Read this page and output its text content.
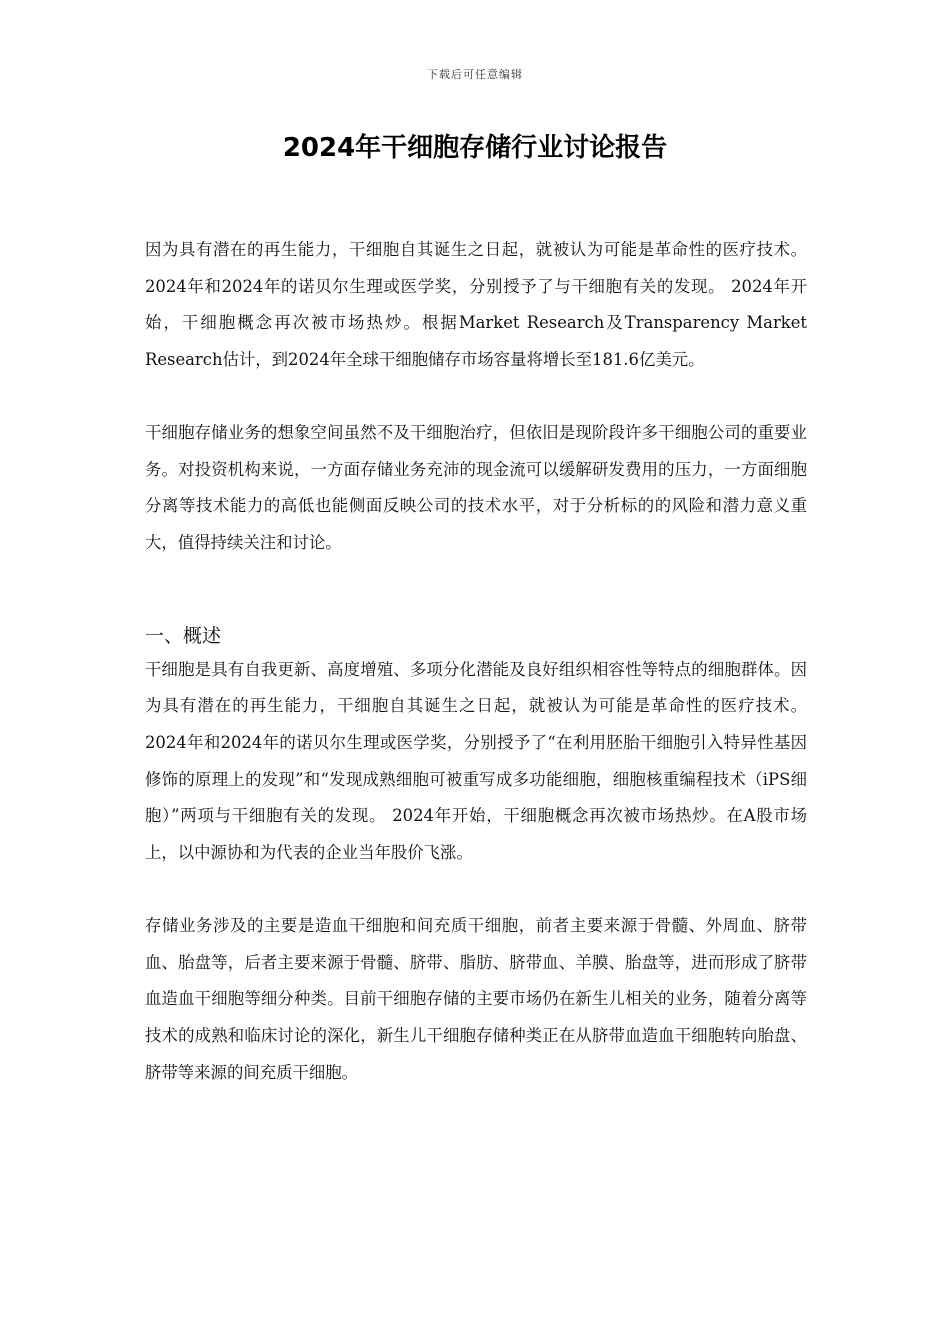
下载后可任意编辑
2024年干细胞存储行业讨论报告

因为具有潜在的再生能力，干细胞自其诞生之日起，就被认为可能是革命性的医疗技术。2024年和2024年的诺贝尔生理或医学奖，分别授予了与干细胞有关的发现。 2024年开始，干细胞概念再次被市场热炒。根据Market Research及Transparency Market Research估计，到2024年全球干细胞储存市场容量将增长至181.6亿美元。

干细胞存储业务的想象空间虽然不及干细胞治疗，但依旧是现阶段许多干细胞公司的重要业务。对投资机构来说，一方面存储业务充沛的现金流可以缓解研发费用的压力，一方面细胞分离等技术能力的高低也能侧面反映公司的技术水平，对于分析标的的风险和潜力意义重大，值得持续关注和讨论。

一、概述

干细胞是具有自我更新、高度增殖、多项分化潜能及良好组织相容性等特点的细胞群体。因为具有潜在的再生能力，干细胞自其诞生之日起，就被认为可能是革命性的医疗技术。2024年和2024年的诺贝尔生理或医学奖，分别授予了“在利用胚胎干细胞引入特异性基因修饰的原理上的发现”和“发现成熟细胞可被重写成多功能细胞，细胞核重编程技术（iPS细胞）”两项与干细胞有关的发现。 2024年开始，干细胞概念再次被市场热炒。在A股市场上，以中源协和为代表的企业当年股价飞涨。

存储业务涉及的主要是造血干细胞和间充质干细胞，前者主要来源于骨髓、外周血、脐带血、胎盘等，后者主要来源于骨髓、脐带、脂肪、脐带血、羊膜、胎盘等，进而形成了脐带血造血干细胞等细分种类。目前干细胞存储的主要市场仍在新生儿相关的业务，随着分离等技术的成熟和临床讨论的深化，新生儿干细胞存储种类正在从脐带血造血干细胞转向胎盘、脐带等来源的间充质干细胞。
